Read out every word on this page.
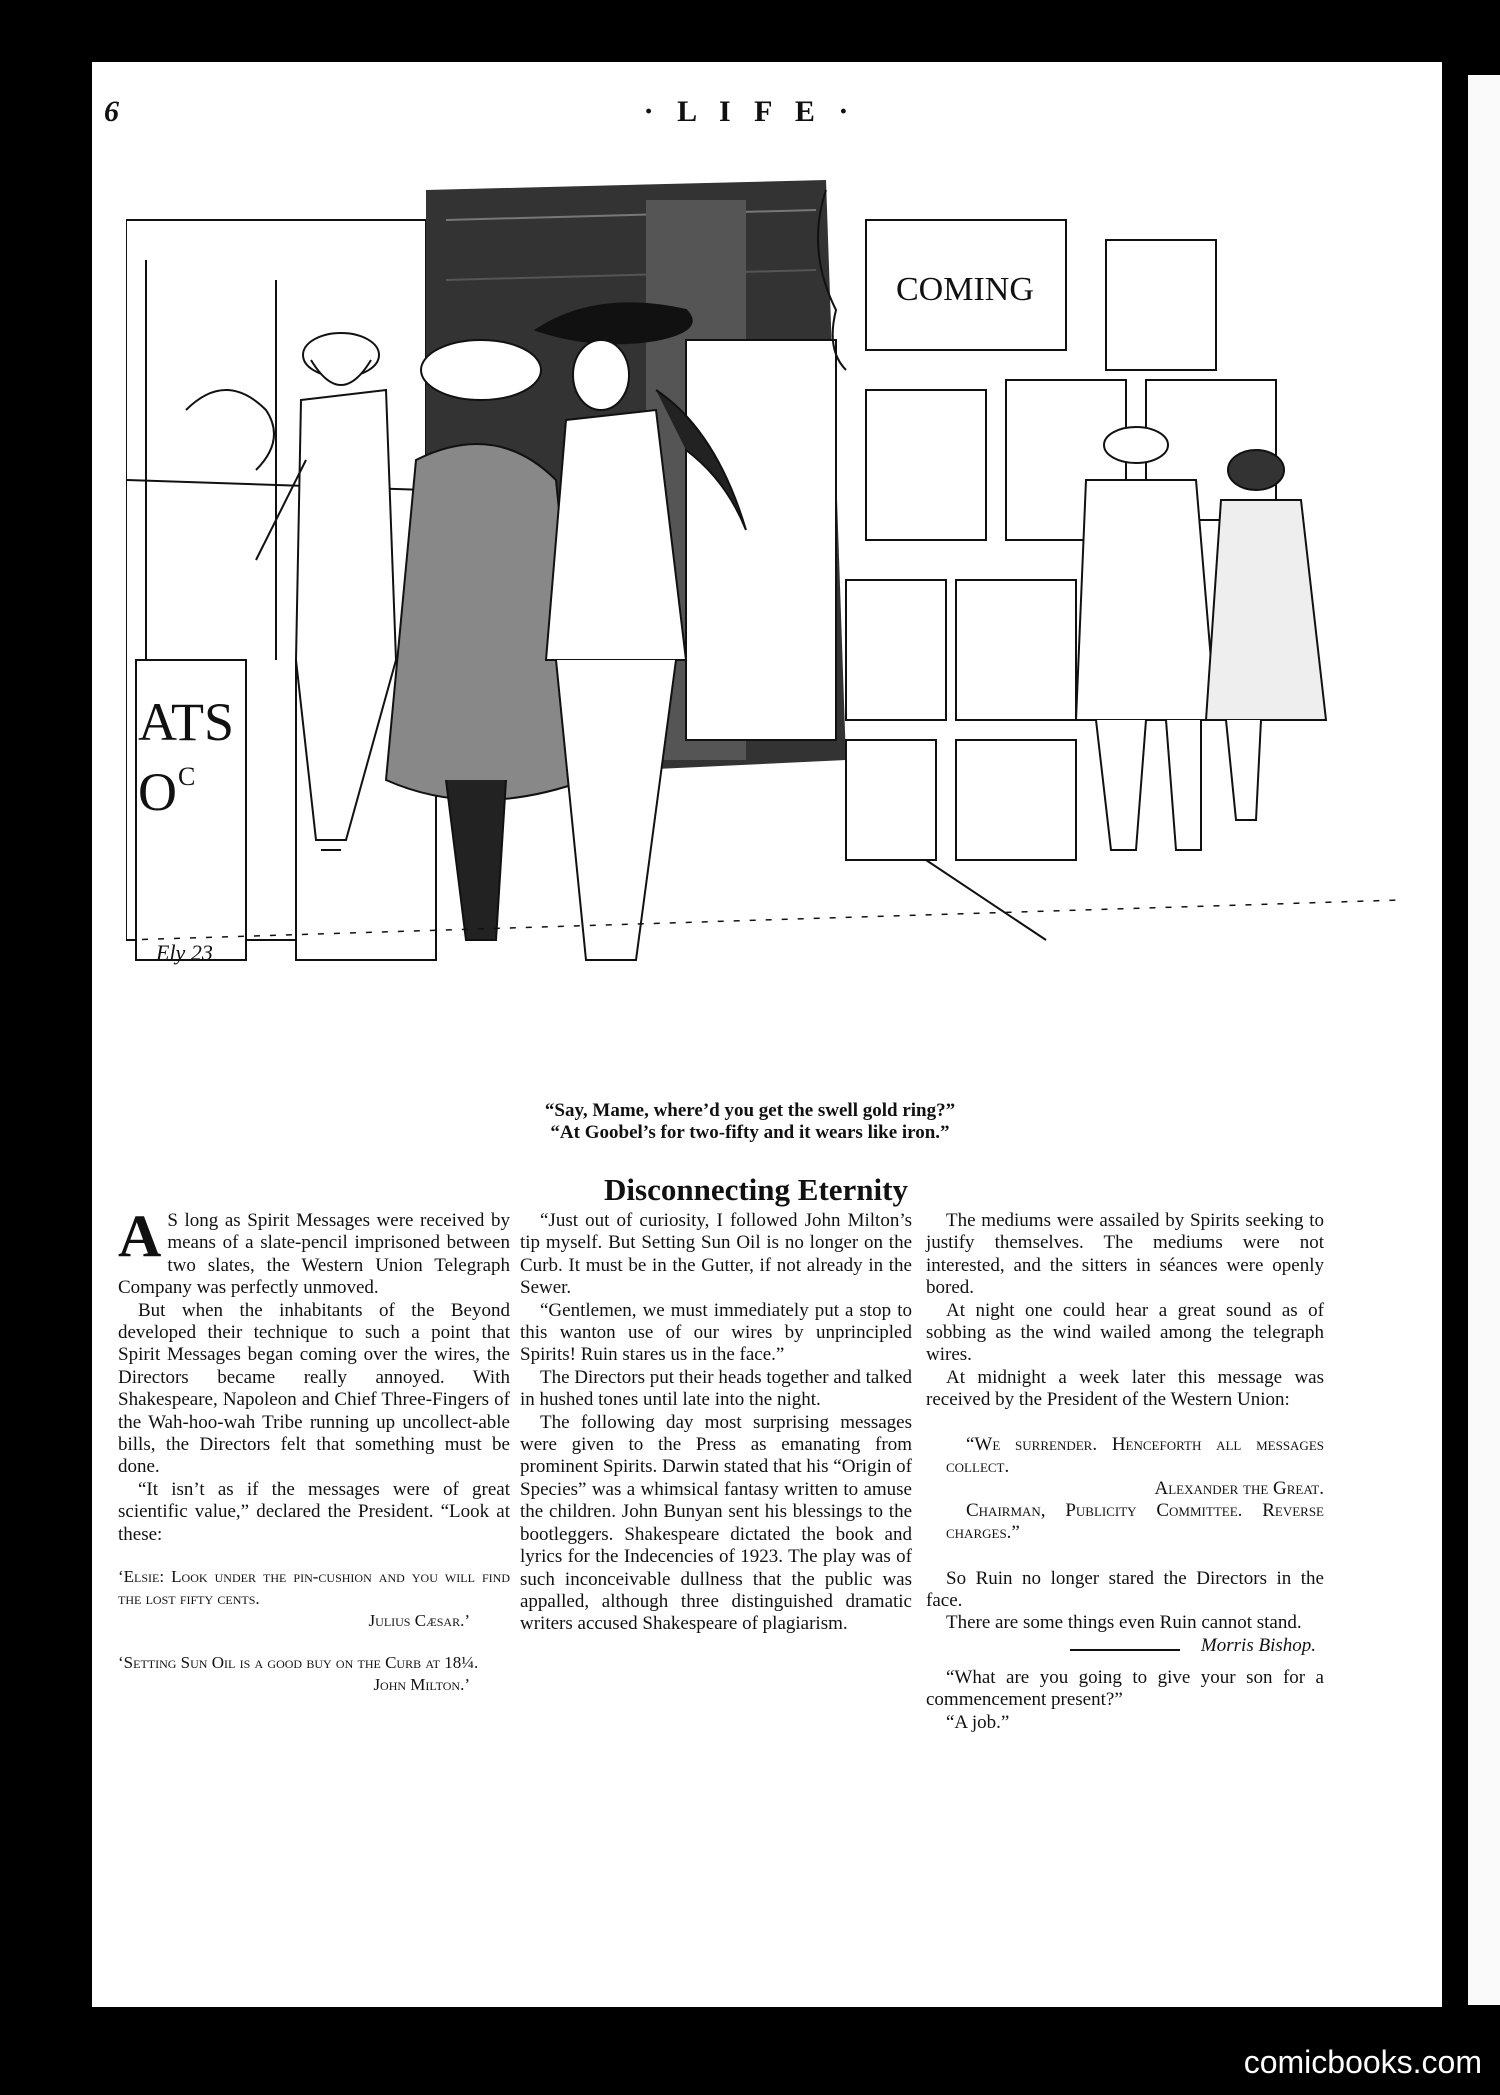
6	· L I F E ·
ATS
O C
COMING
Ely 23
“Say, Mame, where’d you get the swell gold ring?”
“At Goobel’s for two-fifty and it wears like iron.”
Disconnecting Eternity

A S long as Spirit Messages were received by means of a slate-pencil imprisoned between two slates, the Western Union Telegraph Company was perfectly unmoved.

But when the inhabitants of the Beyond developed their technique to such a point that Spirit Messages began coming over the wires, the Directors became really annoyed. With Shakespeare, Napoleon and Chief Three-Fingers of the Wah-hoo-wah Tribe running up uncollect-able bills, the Directors felt that something must be done.

“It isn’t as if the messages were of great scientific value,” declared the President. “Look at these:

‘Elsie: Look under the pin-cushion and you will find the lost fifty cents.

Julius Cæsar.’

‘Setting Sun Oil is a good buy on the Curb at 18¼.

John Milton.’

“Just out of curiosity, I followed John Milton’s tip myself. But Setting Sun Oil is no longer on the Curb. It must be in the Gutter, if not already in the Sewer.

“Gentlemen, we must immediately put a stop to this wanton use of our wires by unprincipled Spirits! Ruin stares us in the face.”

The Directors put their heads together and talked in hushed tones until late into the night.

The following day most surprising messages were given to the Press as emanating from prominent Spirits. Darwin stated that his “Origin of Species” was a whimsical fantasy written to amuse the children. John Bunyan sent his blessings to the bootleggers. Shakespeare dictated the book and lyrics for the Indecencies of 1923. The play was of such inconceivable dullness that the public was appalled, although three distinguished dramatic writers accused Shakespeare of plagiarism.

The mediums were assailed by Spirits seeking to justify themselves. The mediums were not interested, and the sitters in séances were openly bored.

At night one could hear a great sound as of sobbing as the wind wailed among the telegraph wires.

At midnight a week later this message was received by the President of the Western Union:

“We surrender. Henceforth all messages collect.

Alexander the Great.

Chairman, Publicity Committee. Reverse charges.”

So Ruin no longer stared the Directors in the face.

There are some things even Ruin cannot stand.
Morris Bishop.

“What are you going to give your son for a commencement present?”

“A job.”

comicbooks.com
